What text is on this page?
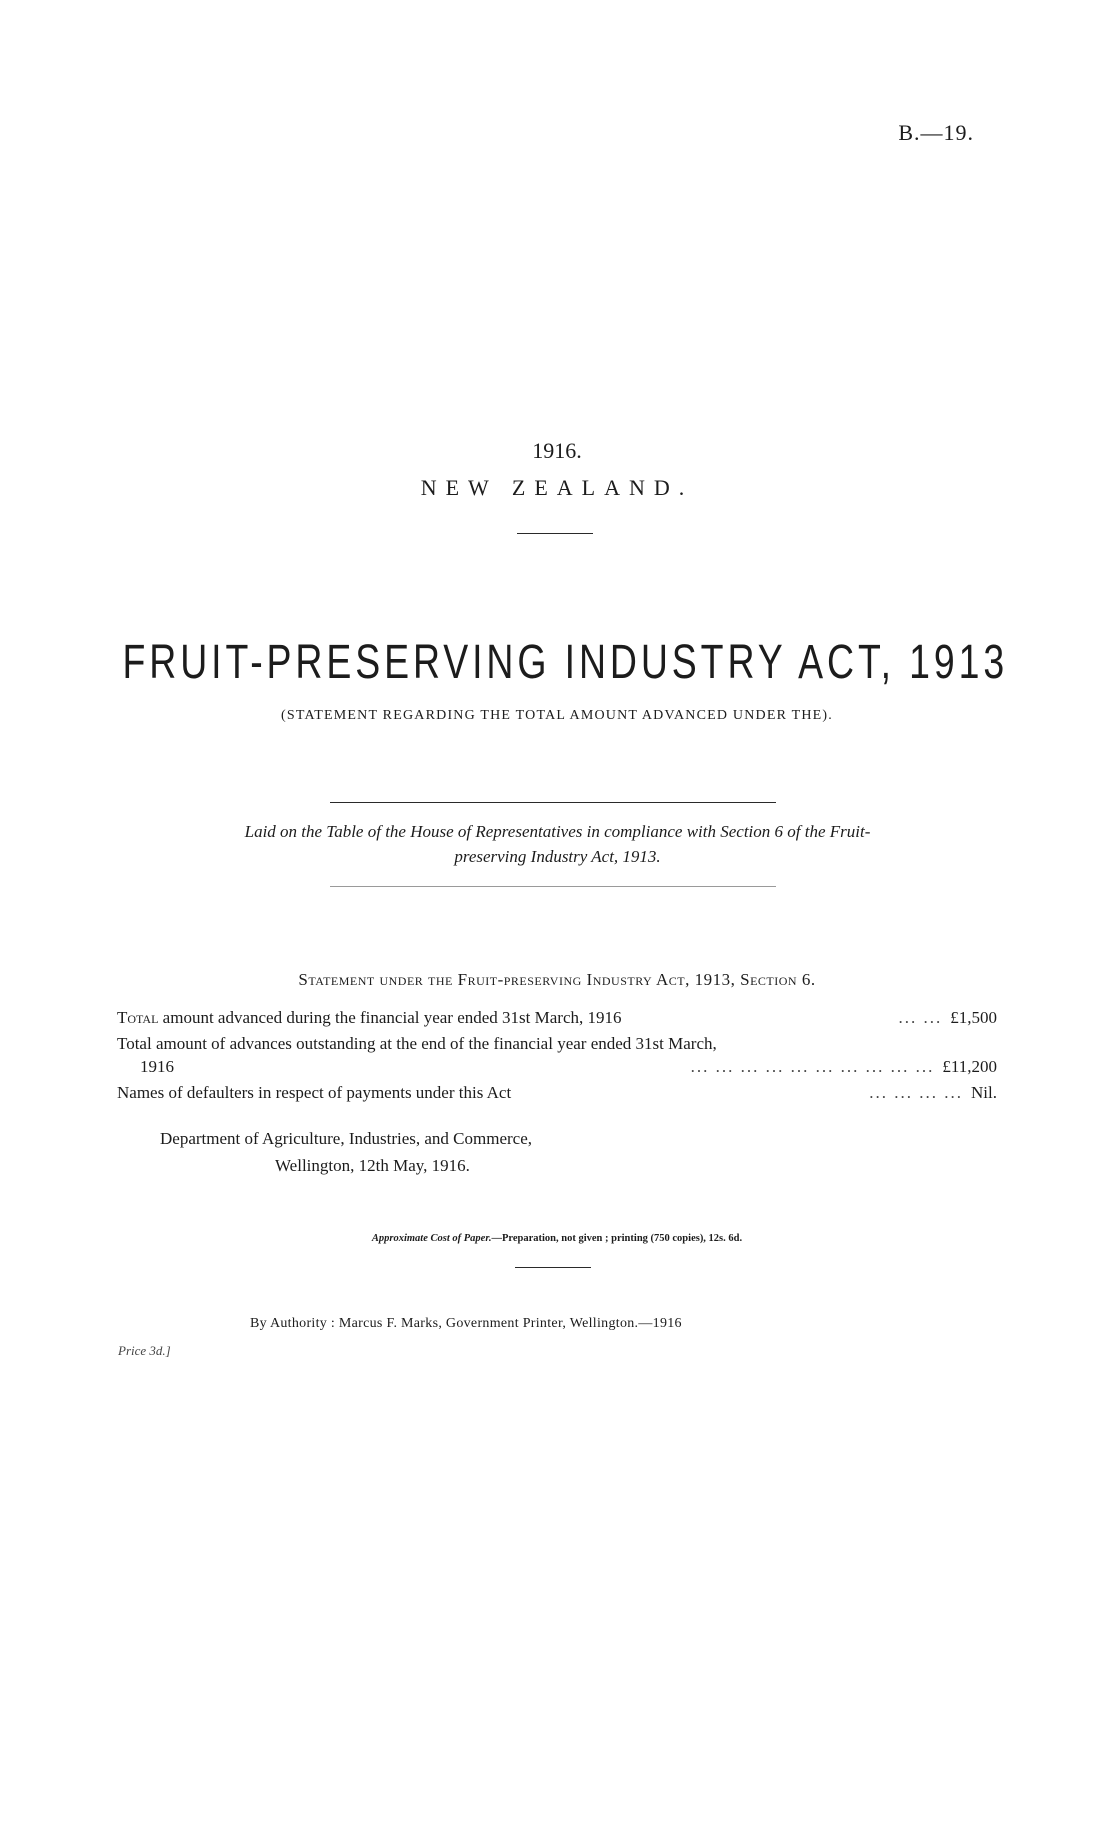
B.—19.
1916.
NEW ZEALAND.
FRUIT-PRESERVING INDUSTRY ACT, 1913
(STATEMENT REGARDING THE TOTAL AMOUNT ADVANCED UNDER THE).
Laid on the Table of the House of Representatives in compliance with Section 6 of the Fruit-
preserving Industry Act, 1913.
Statement under the Fruit-preserving Industry Act, 1913, Section 6.
Total amount advanced during the financial year ended 31st March, 1916	... ... £1,500
Total amount of advances outstanding at the end of the financial year ended 31st March,
1916	... ... ... ... ... ... ... ... ... ... £11,200
Names of defaulters in respect of payments under this Act	... ... ... ... Nil.
Department of Agriculture, Industries, and Commerce,
Wellington, 12th May, 1916.
Approximate Cost of Paper.—Preparation, not given ; printing (750 copies), 12s. 6d.
By Authority : Marcus F. Marks, Government Printer, Wellington.—1916
Price 3d.]
